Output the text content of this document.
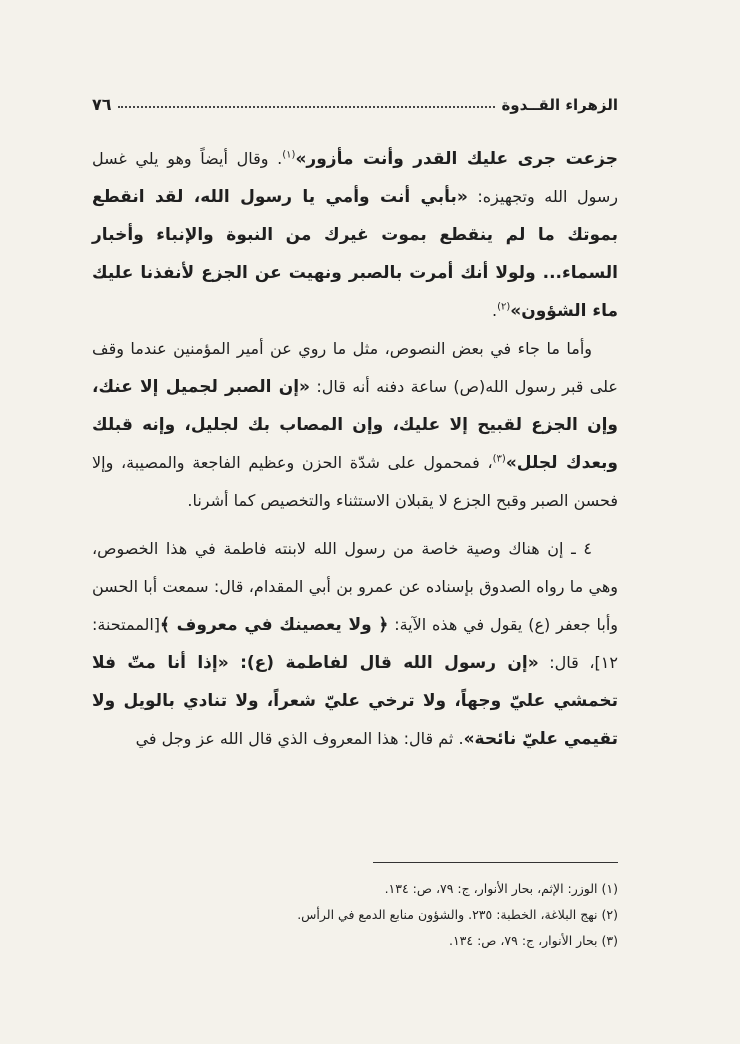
الزهراء القــدوة
٧٦

جزعت جرى عليك القدر وأنت مأزور»$^{(١)}$. وقال أيضاً وهو يلي غسل رسول الله وتجهيزه: «بأبي أنت وأمي يا رسول الله، لقد انقطع بموتك ما لم ينقطع بموت غيرك من النبوة والإنباء وأخبار السماء... ولولا أنك أمرت بالصبر ونهيت عن الجزع لأنفذنا عليك ماء الشؤون»$^{(٢)}$.

وأما ما جاء في بعض النصوص، مثل ما روي عن أمير المؤمنين عندما وقف على قبر رسول الله(ص) ساعة دفنه أنه قال: «إن الصبر لجميل إلا عنك، وإن الجزع لقبيح إلا عليك، وإن المصاب بك لجليل، وإنه قبلك وبعدك لجلل»$^{(٣)}$، فمحمول على شدّة الحزن وعظيم الفاجعة والمصيبة، وإلا فحسن الصبر وقبح الجزع لا يقبلان الاستثناء والتخصيص كما أشرنا.

٤ ـ إن هناك وصية خاصة من رسول الله لابنته فاطمة في هذا الخصوص، وهي ما رواه الصدوق بإسناده عن عمرو بن أبي المقدام، قال: سمعت أبا الحسن وأبا جعفر (ع) يقول في هذه الآية: ﴿ ولا يعصينك في معروف ﴾[الممتحنة: ١٢]، قال: «إن رسول الله قال لفاطمة (ع): «إذا أنا متّ فلا تخمشي عليّ وجهاً، ولا ترخي عليّ شعراً، ولا تنادي بالويل ولا تقيمي عليّ نائحة». ثم قال: هذا المعروف الذي قال الله عز وجل في

(١) الوزر: الإثم، بحار الأنوار، ج: ٧٩، ص: ١٣٤.
(٢) نهج البلاغة، الخطبة: ٢٣٥. والشؤون منابع الدمع في الرأس.
(٣) بحار الأنوار، ج: ٧٩، ص: ١٣٤.
